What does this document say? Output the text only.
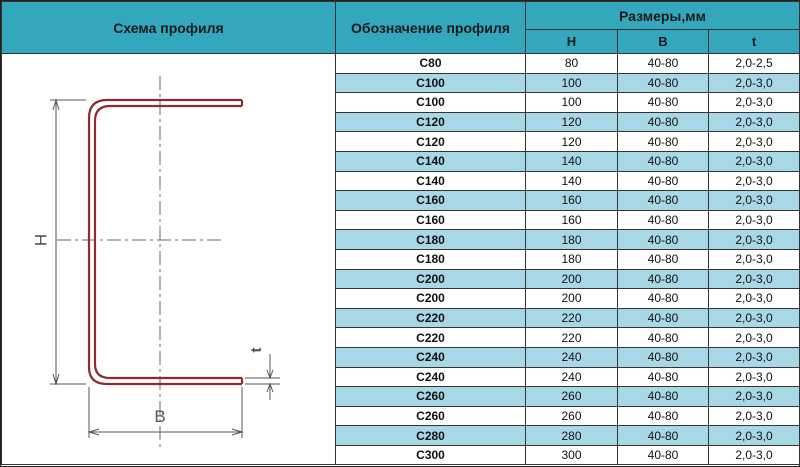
Схема профиля	Обозначение профиля	Размеры,мм		
		H	B	t

H
B
t	C80	80	40-80	2,0-2,5
	C100	100	40-80	2,0-3,0
	C100	100	40-80	2,0-3,0
	C120	120	40-80	2,0-3,0
	C120	120	40-80	2,0-3,0
	C140	140	40-80	2,0-3,0
	C140	140	40-80	2,0-3,0
	C160	160	40-80	2,0-3,0
	C160	160	40-80	2,0-3,0
	C180	180	40-80	2,0-3,0
	C180	180	40-80	2,0-3,0
	C200	200	40-80	2,0-3,0
	C200	200	40-80	2,0-3,0
	C220	220	40-80	2,0-3,0
	C220	220	40-80	2,0-3,0
	C240	240	40-80	2,0-3,0
	C240	240	40-80	2,0-3,0
	C260	260	40-80	2,0-3,0
	C260	260	40-80	2,0-3,0
	C280	280	40-80	2,0-3,0
	C300	300	40-80	2,0-3,0
